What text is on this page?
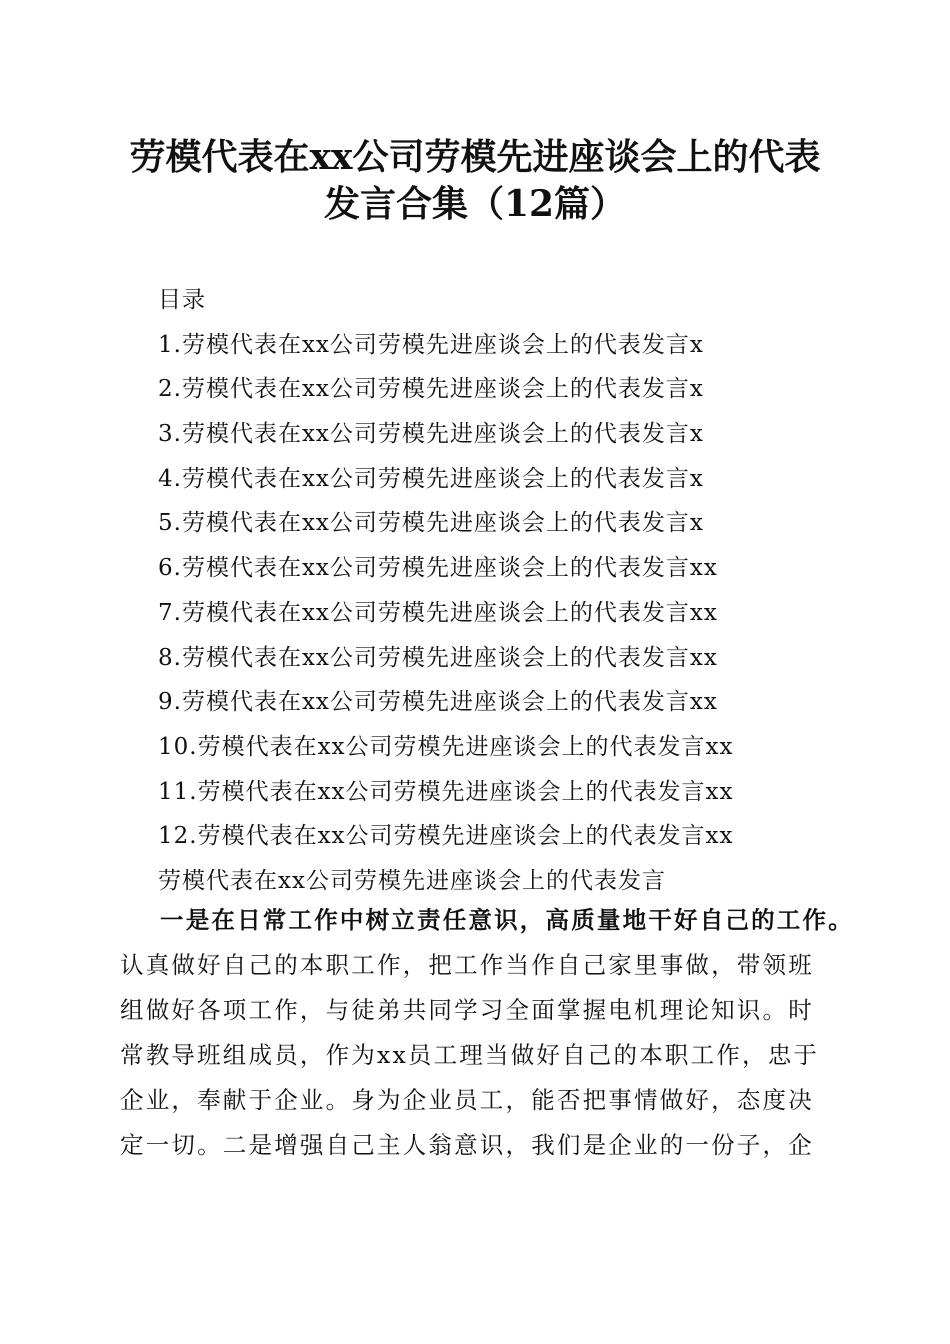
劳模代表在xx公司劳模先进座谈会上的代表
发言合集（12篇）
目录
1.劳模代表在xx公司劳模先进座谈会上的代表发言x
2.劳模代表在xx公司劳模先进座谈会上的代表发言x
3.劳模代表在xx公司劳模先进座谈会上的代表发言x
4.劳模代表在xx公司劳模先进座谈会上的代表发言x
5.劳模代表在xx公司劳模先进座谈会上的代表发言x
6.劳模代表在xx公司劳模先进座谈会上的代表发言xx
7.劳模代表在xx公司劳模先进座谈会上的代表发言xx
8.劳模代表在xx公司劳模先进座谈会上的代表发言xx
9.劳模代表在xx公司劳模先进座谈会上的代表发言xx
10.劳模代表在xx公司劳模先进座谈会上的代表发言xx
11.劳模代表在xx公司劳模先进座谈会上的代表发言xx
12.劳模代表在xx公司劳模先进座谈会上的代表发言xx
劳模代表在xx公司劳模先进座谈会上的代表发言
一是在日常工作中树立责任意识，高质量地干好自己的工作。
认真做好自己的本职工作，把工作当作自己家里事做，带领班
组做好各项工作，与徒弟共同学习全面掌握电机理论知识。时
常教导班组成员，作为xx员工理当做好自己的本职工作，忠于
企业，奉献于企业。身为企业员工，能否把事情做好，态度决
定一切。二是增强自己主人翁意识，我们是企业的一份子，企
